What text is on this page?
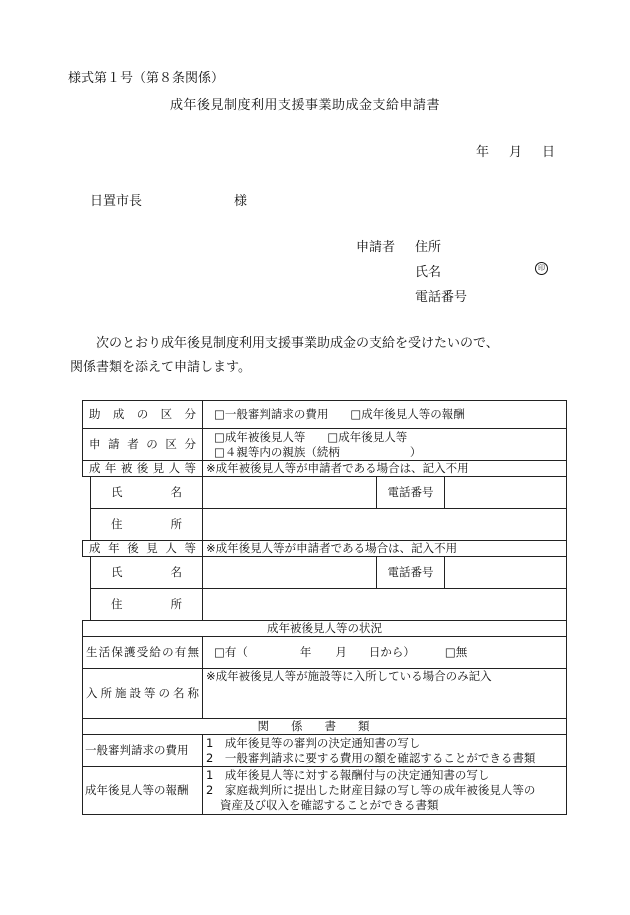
様式第１号（第８条関係）
成年後見制度利用支援事業助成金支給申請書
年 月 日
日置市長	様
申請者 住所
氏名	印
電話番号
次のとおり成年後見制度利用支援事業助成金の支給を受けたいので、
関係書類を添えて申請します。
助成の区分		□一般審判請求の費用 □成年後見人等の報酬		
申請者の区分		□成年被後見人等 □成年後見人等
□４親等内の親族（続柄 ）		

成年被後見人等		※成年被後見人等が申請者である場合は、記入不用		
	氏名		電話番号	
	住所			
成年後見人等		※成年後見人等が申請者である場合は、記入不用		
	氏名		電話番号	
	住所			
成年被後見人等の状況				
生活保護受給の有無		□有（ 年 月 日から） □無		
入所施設等の名称		※成年被後見人等が施設等に入所している場合のみ記入		
関係書類				
一般審判請求の費用		1　成年後見等の審判の決定通知書の写し
2　一般審判請求に要する費用の額を確認することができる書類		

成年後見人等の報酬		1　成年後見人等に対する報酬付与の決定通知書の写し
2　家庭裁判所に提出した財産目録の写し等の成年被後見人等の
資産及び収入を確認することができる書類		
